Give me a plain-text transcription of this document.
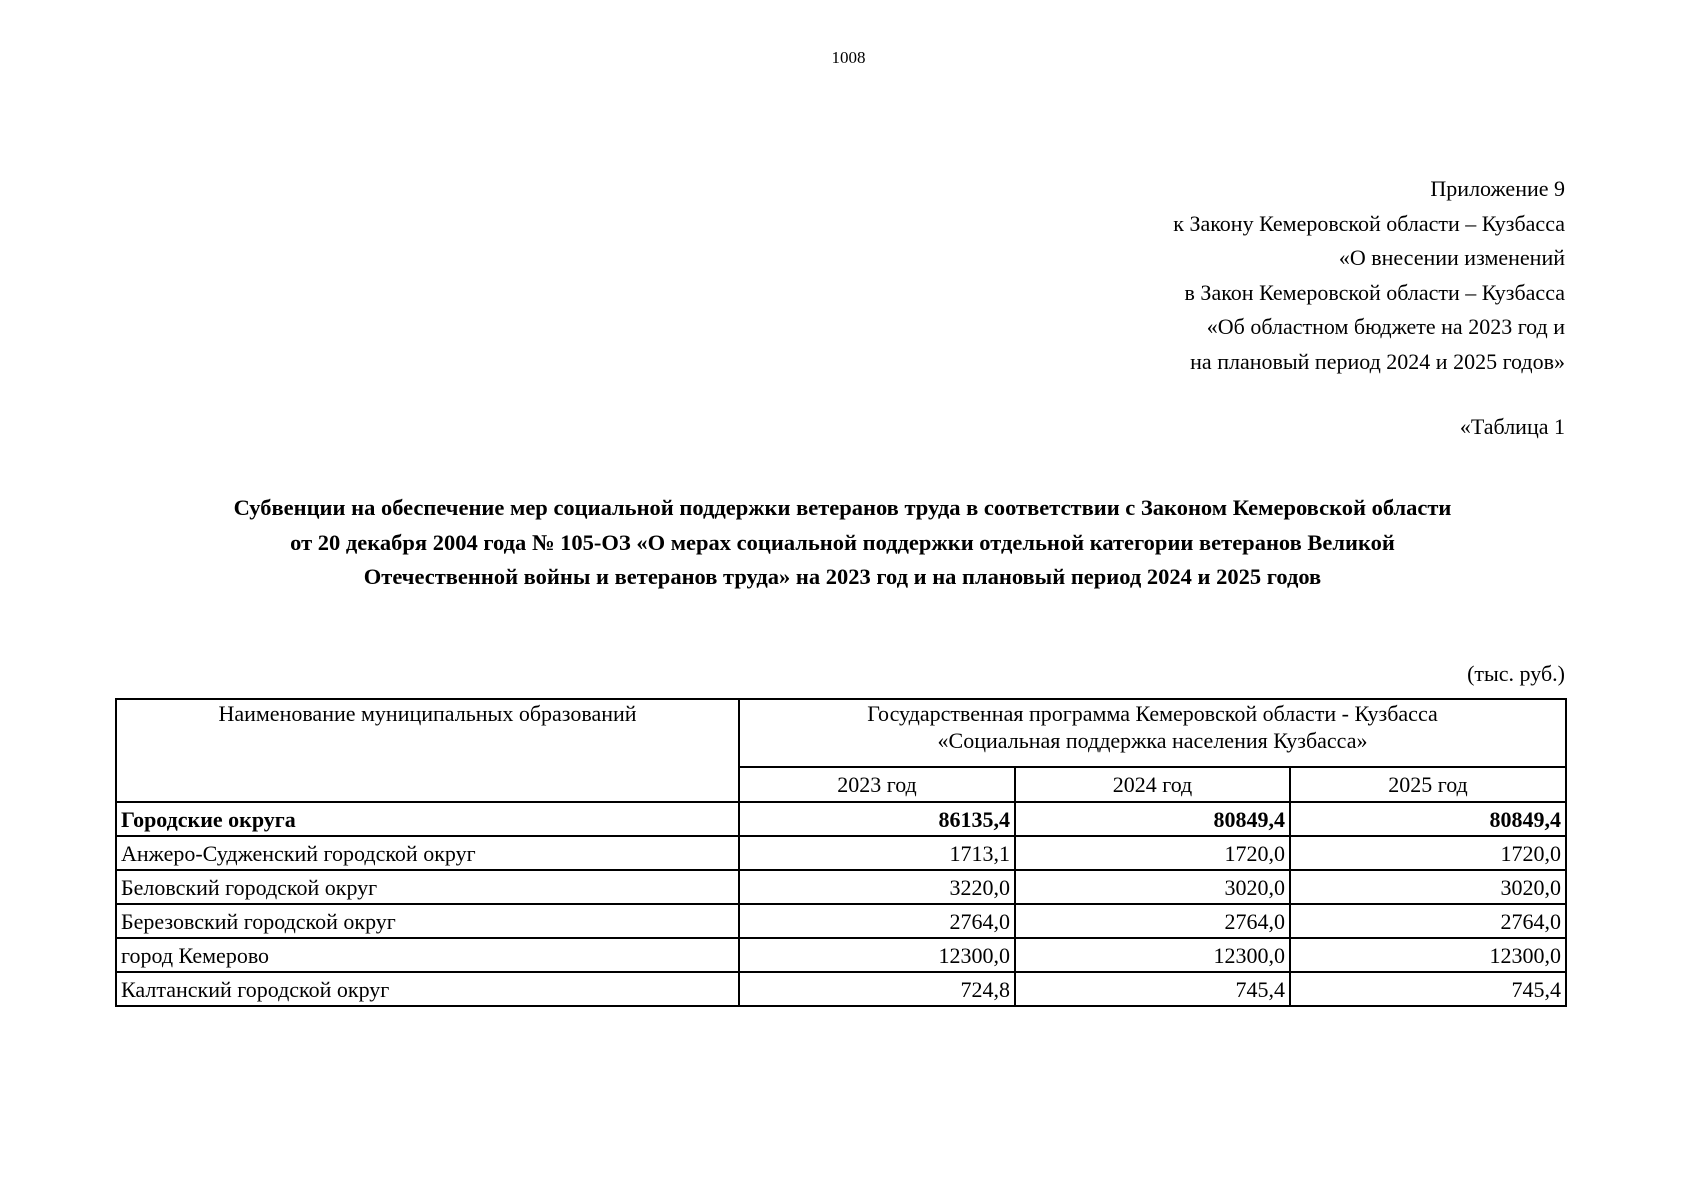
1008
Приложение 9
к Закону Кемеровской области – Кузбасса
«О внесении изменений
в Закон Кемеровской области – Кузбасса
«Об областном бюджете на 2023 год и
на плановый период 2024 и 2025 годов»
«Таблица 1
Субвенции на обеспечение мер социальной поддержки ветеранов труда в соответствии с Законом Кемеровской области
от 20 декабря 2004 года № 105-ОЗ «О мерах социальной поддержки отдельной категории ветеранов Великой
Отечественной войны и ветеранов труда» на 2023 год и на плановый период 2024 и 2025 годов
(тыс. руб.)
Наименование муниципальных образований	Государственная программа Кемеровской области - Кузбасса
«Социальная поддержка населения Кузбасса»		

	2023 год	2024 год	2025 год
Городские округа	86135,4	80849,4	80849,4
Анжеро-Судженский городской округ	1713,1	1720,0	1720,0
Беловский городской округ	3220,0	3020,0	3020,0
Березовский городской округ	2764,0	2764,0	2764,0
город Кемерово	12300,0	12300,0	12300,0
Калтанский городской округ	724,8	745,4	745,4
